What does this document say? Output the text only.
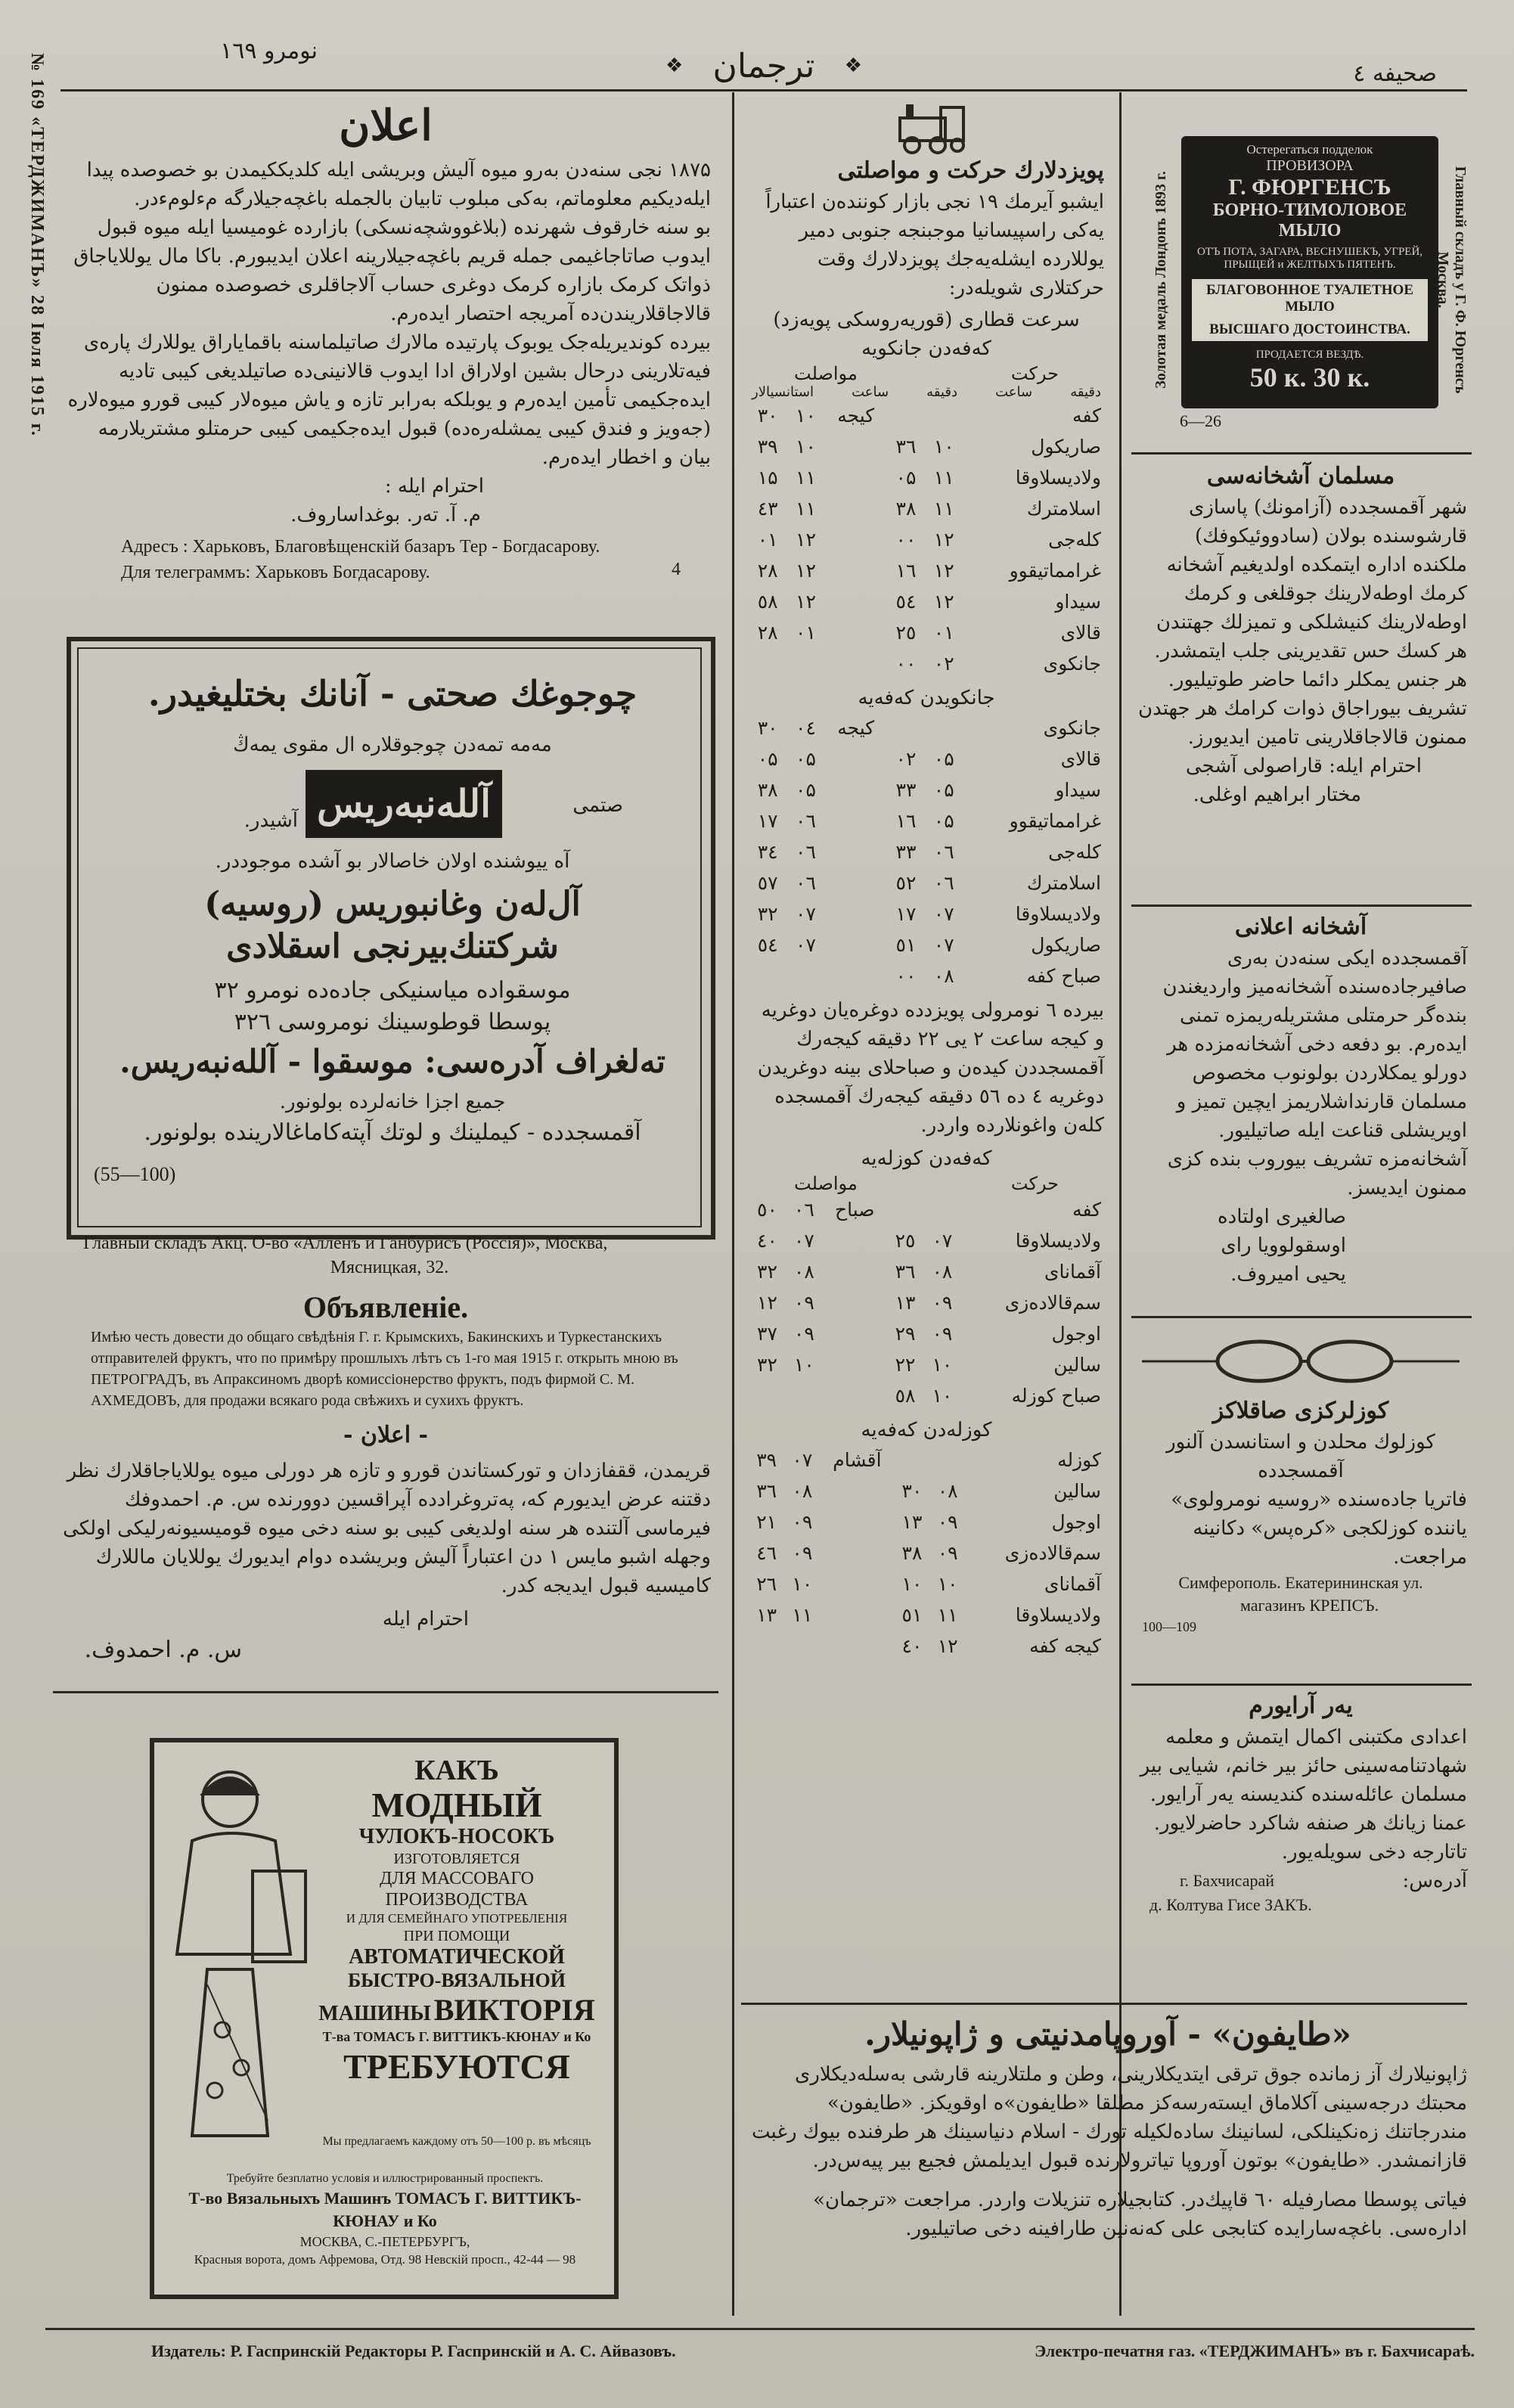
صحیفه ٤
❖ ترجمان	❖
نومرو ۱٦۹
№ 169 «ТЕРДЖИМАНЪ» 28 Іюля 1915 г.	اعلان
۱۸۷۵ نجی سنەدن بەرو میوه آلیش وبریشی ایله کلدیککیمدن بو خصوصده پیدا ایلەدیکیم معلوماتم، بەکی مبلوب تابیان بالجمله باغچەجیلارگه مءلومءدر.
بو سنه خارقوف شهرنده (بلاغووشچەنسکی) بازارده‌ غومیسیا ایله میوه قبول ایدوب صاتاجاغیمی جمله قریم باغچەجیلارینه اعلان ایدیبورم. باکا مال یوللایاجاق ذواتک کرمک بازارە کرمک دوغری حساب آلاجاقلری خصوصده ممنون قالاجاقلاریندن‌ده آمریجه احتصار ایدەرم.
بیرده کوندیریلەجک یوبوک پارتیده مالارك صاتیلماسنه باقمایاراق یوللارك پارەی فیەتلارینی درحال بشین اولاراق ادا ایدوب قالانینی‌ده صاتیلدیغی کیبی تادیه ایدەجکیمی تأمین ایدەرم و یوبلکه بەرابر تازه و یاش میوه‌لار کیبی قورو میوه‌لاره (جەویز و فندق کیبی یمشلەره‌ده) قبول ایدەجکیمی کیبی حرمتلو مشتریلارمه بیان و اخطار ایدەرم.
احترام ایله :
م. آ. تەر. بوغداساروف.
Адресъ : Харьковъ, Благовѣщенскій базаръ Тер - Богдасарову.
Для телеграммъ: Харьковъ Богдасарову.	4
چوجوغك صحتی - آنانك بختليغيدر.
مەمە تمەدن چوجوقلاره ال مقوی یمەڭ
صتمی
آشیدر. آللەنبەریس
آه ییوشنده اولان خاصالار بو آشده موجوددر.
آل‌لەن وغانبوریس (روسیه) شركتنك‌بیرنجی اسقلادی
موسقواده میاسنیکی جادەده نومرو ۳۲
پوسطا قوطوسینك نومروسی ۳۲٦
تەلغراف آدرەسی: موسقوا - آللەنبەریس.
جمیع اجزا خانەلرده بولونور.
آقمسجدده - کیملینك و لوتك آپتەکاماغالارینده بولونور.
(55—100)
Главный складъ Акц. О-во «Алленъ и Ганбурисъ (Россія)», Москва,
Мясницкая, 32.
Объявленіе.
Имѣю честь довести до общаго свѣдѣнія Г. г. Крымскихъ, Бакинскихъ и Туркестанскихъ отправителей фруктъ, что по примѣру прошлыхъ лѣтъ съ 1-го мая 1915 г. открыть мною въ ПЕТРОГРАДЪ, въ Апраксиномъ дворѣ комиссіонерство фруктъ, подъ фирмой С. М. АХМЕДОВЪ, для продажи всякаго рода свѣжихъ и сухихъ фруктъ.
- اعلان -
قریمدن، ققفازدان و تورکستاندن قورو و تازه هر دورلی میوه یوللایاجاقلارك نظر دقتنه عرض ایدیورم که، پەتروغرادده آپراقسین دوورنده س. م. احمدوفك فیرماسی آلتنده هر سنه اولدیغی کیبی بو سنه دخی میوه قومیسیونەرلیکی اولکی وجهله اشبو مایس ۱ دن اعتباراً آلیش وبریشده دوام ایدیورك یوللایان ماللارك کامیسیه قبول ایدیجه کدر.
احترام ایله
س. م. احمدوف.
КАКЪ
МОДНЫЙ
ЧУЛОКЪ-НОСОКЪ
ИЗГОТОВЛЯЕТСЯ
ДЛЯ МАССОВАГО
ПРОИЗВОДСТВА
И ДЛЯ СЕМЕЙНАГО УПОТРЕБЛЕНІЯ
ПРИ ПОМОЩИ
АВТОМАТИЧЕСКОЙ
БЫСТРО-ВЯЗАЛЬНОЙ
МАШИНЫ ВИКТОРІЯ
Т-ва ТОМАСЪ Г. ВИТТИКЪ-КЮНАУ и Ко
ТРЕБУЮТСЯ
Мы предлагаемъ каждому отъ 50—100 р. въ мѣсяцъ
Требуйте безплатно условія и иллюстрированный проспектъ.
Т-во Вязальныхъ Машинъ ТОМАСЪ Г. ВИТТИКЪ-КЮНАУ и Ко
МОСКВА, С.-ПЕТЕРБУРГЪ,
Красныя ворота, домъ Афремова, Отд. 98 Невскій просп., 42-44 — 98
پویزدلارك حرکت و مواصلتی
ایشبو آیرمك ۱۹ نجی بازار کوننده‌ن اعتباراً یەکی راسپیسانیا موجبنجه جنوبی دمیر یوللارده ایشلەیەجك پویزدلارك وقت حرکتلاری شویلەدر:
سرعت قطاری (قوریەروسکی پویەزد)
کەفەدن جانکویه
حرکت
مواصلت
دقیقه
ساعت
دقیقه
ساعت
استانسیالار
کفه			کیجه	۱۰	۳۰
صاریکول	۱۰	۳٦		۱۰	۳۹
ولادیسلاوقا	۱۱	۰۵		۱۱	۱۵
اسلامترك	۱۱	۳۸		۱۱	٤۳
کلەجی	۱۲	۰۰		۱۲	۰۱
غرامماتیقوو	۱۲	۱٦		۱۲	۲۸
سیداو	۱۲	٥٤		۱۲	٥۸
قالای	۰۱	۲٥		۰۱	۲۸
جانکوی	۰۲	۰۰			
جانکویدن کەفەیه
جانکوی			کیجه	۰٤	۳۰
قالای	۰۵	۰۲		۰۵	۰۵
سیداو	۰۵	۳۳		۰۵	۳۸
غرامماتیقوو	۰۵	۱٦		۰٦	۱۷
کلەجی	۰٦	۳۳		۰٦	۳٤
اسلامترك	۰٦	٥۲		۰٦	٥۷
ولادیسلاوقا	۰۷	۱۷		۰۷	۳۲
صاریکول	۰۷	٥۱		۰۷	٥٤
صباح کفه	۰۸	۰۰			
بیرده ٦ نومرولی پویزدده دوغرەیان دوغریه و کیجه ساعت ۲ یی ۲۲ دقیقه کیجەرك آقمسجددن کیدەن و صباحلای بینه دوغریدن دوغریه ٤ ده ٥٦ دقیقه کیجەرك آقمسجده کلەن واغونلارده واردر.
کەفەدن کوزلەیه
حرکت
مواصلت
کفه			صباح	۰٦	٥۰
ولادیسلاوقا	۰۷	۲٥		۰۷	٤۰
آقمانای	۰۸	۳٦		۰۸	۳۲
سم‌قالادەزی	۰۹	۱۳		۰۹	۱۲
اوجول	۰۹	۲۹		۰۹	۳۷
سالین	۱۰	۲۲		۱۰	۳۲
صباح کوزلە	۱۰	٥۸			
کوزلەدن کەفەیه
کوزلە			آقشام	۰۷	۳۹
سالین	۰۸	۳۰		۰۸	۳٦
اوجول	۰۹	۱۳		۰۹	۲۱
سم‌قالادەزی	۰۹	۳۸		۰۹	٤٦
آقمانای	۱۰	۱۰		۱۰	۲٦
ولادیسلاوقا	۱۱	٥۱		۱۱	۱۳
کیجه کفه	۱۲	٤۰			
Золотая медаль Лондонъ 1893 г.
Остерегаться подделок
ПРОВИЗОРА
Г. ФЮРГЕНСЪ
БОРНО-ТИМОЛОВОЕ МЫЛО
ОТЪ ПОТА, ЗАГАРА, ВЕСНУШЕКЪ, УГРЕЙ,
ПРЫЩЕЙ и ЖЕЛТЫХЪ ПЯТЕНЪ.
БЛАГОВОННОЕ ТУАЛЕТНОЕ МЫЛО
ВЫСШАГО ДОСТОИНСТВА.
ПРОДАЕТСЯ ВЕЗДѢ.
50 к. 30 к.	Главный складъ у Г. Ф. Юргенсъ Москва.
6—26
مسلمان آشخانەسی
شهر آقمسجدده (آزامونك) پاسازی قارشوسنده بولان (سادووئیکوفك) ملکنده اداره ایتمکده اولدیغیم آشخانه کرمك اوطه‌لارینك جوقلغی و کرمك اوطه‌لارینك کنیشلکی و تمیزلك جهتندن هر کسك حس تقدیرینی جلب ایتمشدر. هر جنس یمکلر دائما حاضر طوتیلیور. تشریف بیوراجاق ذوات کرامك هر جهتدن ممنون قالاجاقلارینی تامین ایدیورز.
احترام ایله: قاراصولی آشجی
مختار ابراهیم اوغلی.
آشخانه اعلانی
آقمسجدده ایکی سنەدن بەری صافیرجادەسنده آشخانەمیز واردیغندن بندەگر حرمتلی مشتریلەریمزه تمنی ایدەرم. بو دفعه دخی آشخانەمزده هر دورلو یمکلاردن بولونوب مخصوص مسلمان قارنداشلاریمز ایچین تمیز و اویریشلی قناعت ایله صاتیلیور. آشخانەمزه تشریف بیوروب بنده کزی ممنون ایدیسز.
صالغیری اولتاده
اوسقولوویا رای
یحیی امیروف.
کوزلرکزی صاقلاکز
کوزلوك محلدن و استانسدن آلنور
آقمسجدده
فاتریا جادەسنده «روسیه نومرولوی» یاننده کوزلکجی «کرەپس» دکانینه مراجعت.
Симферополь. Екатерининская ул.
магазинъ КРЕПСЪ.
100—109
یەر آرایورم
اعدادی مکتبنی اکمال ایتمش و معلمه شهادتنامەسینی حائز بیر خانم، شیایی بیر مسلمان عائلەسنده کندیسنه یەر آرایور. عمنا زیانك هر صنفه شاکرد حاضرلایور. تاتارجه دخی سویلەیور.
آدرەس:
г. Бахчисарай
д. Колтува Гисе ЗАКЪ.
«طایفون» - آوروپامدنیتی و ژاپونیلار.
ژاپونیلارك آز زمانده جوق ترقی ایتدیکلارینی، وطن و ملتلارینه قارشی بەسلەدیکلاری محبتك درجەسینی آکلاماق ایستەرسەکز مطلقا «طایفون»ه اوقویکز. «طایفون» مندرجاتنك زەنکینلکی، لسانینك سادەلکیله تورك - اسلام دنیاسینك هر طرفنده بیوك رغبت قازانمشدر. «طایفون» بوتون آوروپا تیاترولارنده قبول ایدیلمش فجیع بیر پیەس‌در.
فیاتی پوسطا مصارفیله ٦۰ قاپیك‌در. کتابجیلاره تنزیلات واردر. مراجعت «ترجمان» ادارەسی. باغچەسارایده کتابجی علی کەنەنین طارافینه دخی صاتیلیور.
Издатель: Р. Гаспринскій Редакторы Р. Гаспринскій и А. С. Айвазовъ.	Электро-печатня газ. «ТЕРДЖИМАНЪ» въ г. Бахчисараѣ.
